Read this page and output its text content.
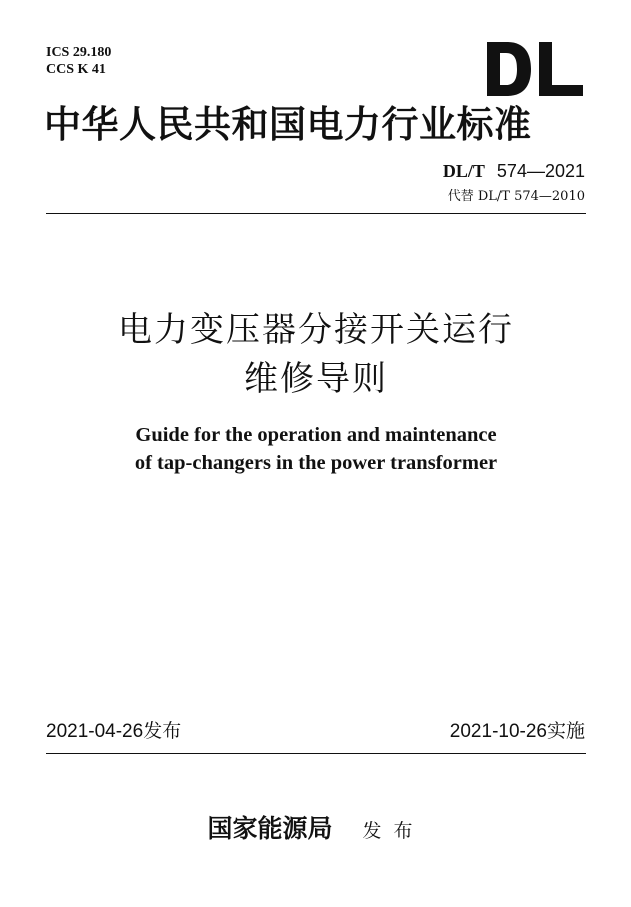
ICS 29.180
CCS K 41
中华人民共和国电力行业标准
DL/T 574—2021
代替 DL/T 574—2010
电力变压器分接开关运行
维修导则
Guide for the operation and maintenance
of tap-changers in the power transformer
2021-04-26发布	2021-10-26实施
国家能源局 发布
